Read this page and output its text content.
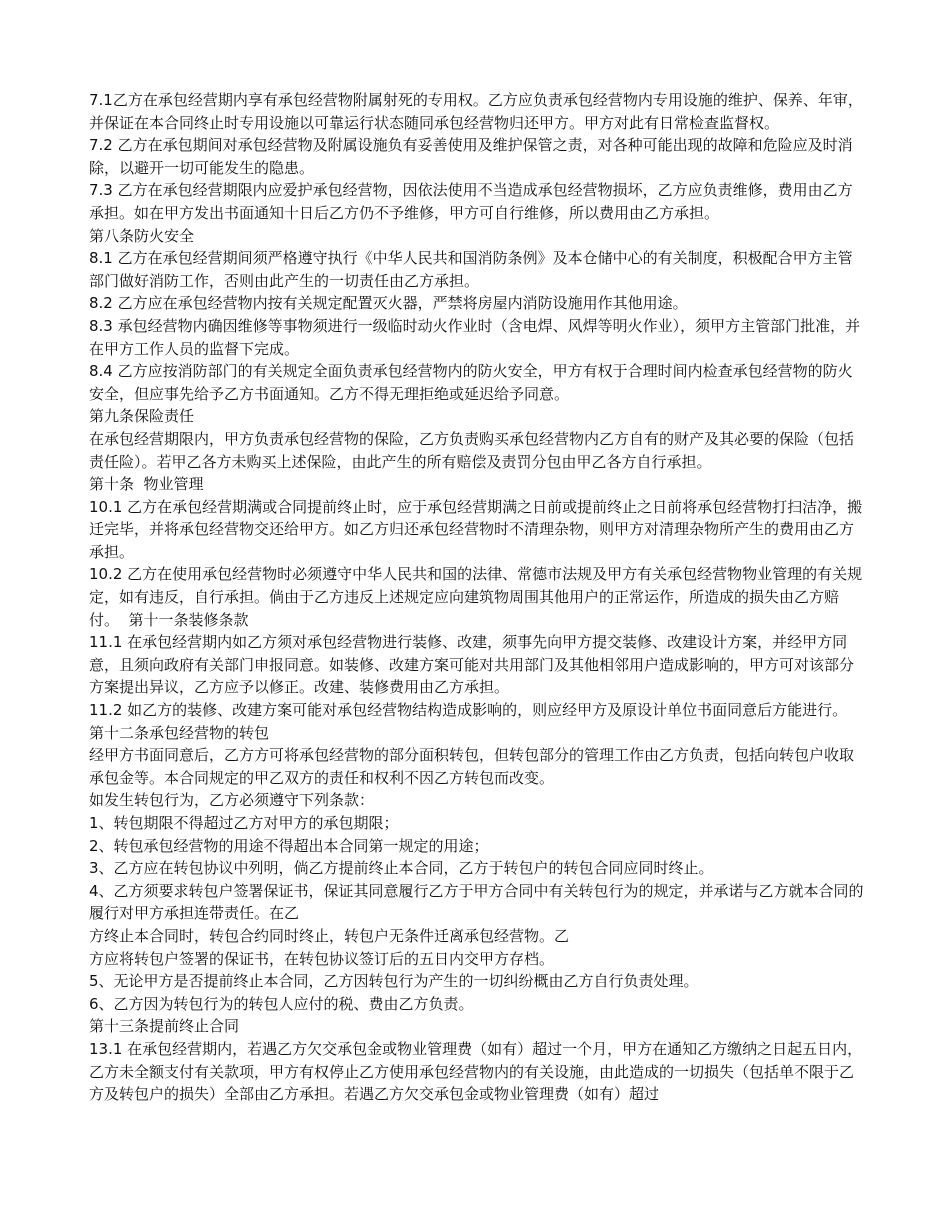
7.1乙方在承包经营期内享有承包经营物附属射死的专用权。乙方应负责承包经营物内专用设施的维护、保养、年审，并保证在本合同终止时专用设施以可靠运行状态随同承包经营物归还甲方。甲方对此有日常检查监督权。

7.2 乙方在承包期间对承包经营物及附属设施负有妥善使用及维护保管之责，对各种可能出现的故障和危险应及时消除，以避开一切可能发生的隐患。

7.3 乙方在承包经营期限内应爱护承包经营物，因依法使用不当造成承包经营物损坏，乙方应负责维修，费用由乙方承担。如在甲方发出书面通知十日后乙方仍不予维修，甲方可自行维修，所以费用由乙方承担。

第八条防火安全

8.1 乙方在承包经营期间须严格遵守执行《中华人民共和国消防条例》及本仓储中心的有关制度，积极配合甲方主管部门做好消防工作，否则由此产生的一切责任由乙方承担。

8.2 乙方应在承包经营物内按有关规定配置灭火器，严禁将房屋内消防设施用作其他用途。

8.3 承包经营物内确因维修等事物须进行一级临时动火作业时（含电焊、风焊等明火作业），须甲方主管部门批准，并在甲方工作人员的监督下完成。

8.4 乙方应按消防部门的有关规定全面负责承包经营物内的防火安全，甲方有权于合理时间内检查承包经营物的防火安全，但应事先给予乙方书面通知。乙方不得无理拒绝或延迟给予同意。

第九条保险责任

在承包经营期限内，甲方负责承包经营物的保险，乙方负责购买承包经营物内乙方自有的财产及其必要的保险（包括责任险）。若甲乙各方未购买上述保险，由此产生的所有赔偿及责罚分包由甲乙各方自行承担。

第十条  物业管理

10.1 乙方在承包经营期满或合同提前终止时，应于承包经营期满之日前或提前终止之日前将承包经营物打扫洁净，搬迁完毕，并将承包经营物交还给甲方。如乙方归还承包经营物时不清理杂物，则甲方对清理杂物所产生的费用由乙方承担。

10.2 乙方在使用承包经营物时必须遵守中华人民共和国的法律、常德市法规及甲方有关承包经营物物业管理的有关规定，如有违反，自行承担。倘由于乙方违反上述规定应向建筑物周围其他用户的正常运作，所造成的损失由乙方赔付。  第十一条装修条款

11.1 在承包经营期内如乙方须对承包经营物进行装修、改建，须事先向甲方提交装修、改建设计方案，并经甲方同意，且须向政府有关部门申报同意。如装修、改建方案可能对共用部门及其他相邻用户造成影响的，甲方可对该部分方案提出异议，乙方应予以修正。改建、装修费用由乙方承担。

11.2 如乙方的装修、改建方案可能对承包经营物结构造成影响的，则应经甲方及原设计单位书面同意后方能进行。

第十二条承包经营物的转包

经甲方书面同意后，乙方方可将承包经营物的部分面积转包，但转包部分的管理工作由乙方负责，包括向转包户收取承包金等。本合同规定的甲乙双方的责任和权利不因乙方转包而改变。

如发生转包行为，乙方必须遵守下列条款：

1、转包期限不得超过乙方对甲方的承包期限；

2、转包承包经营物的用途不得超出本合同第一规定的用途；

3、乙方应在转包协议中列明，倘乙方提前终止本合同，乙方于转包户的转包合同应同时终止。

4、乙方须要求转包户签署保证书，保证其同意履行乙方于甲方合同中有关转包行为的规定，并承诺与乙方就本合同的履行对甲方承担连带责任。在乙

方终止本合同时，转包合约同时终止，转包户无条件迁离承包经营物。乙

方应将转包户签署的保证书，在转包协议签订后的五日内交甲方存档。

5、无论甲方是否提前终止本合同，乙方因转包行为产生的一切纠纷概由乙方自行负责处理。

6、乙方因为转包行为的转包人应付的税、费由乙方负责。

第十三条提前终止合同

13.1 在承包经营期内，若遇乙方欠交承包金或物业管理费（如有）超过一个月，甲方在通知乙方缴纳之日起五日内，乙方未全额支付有关款项，甲方有权停止乙方使用承包经营物内的有关设施，由此造成的一切损失（包括单不限于乙方及转包户的损失）全部由乙方承担。若遇乙方欠交承包金或物业管理费（如有）超过
